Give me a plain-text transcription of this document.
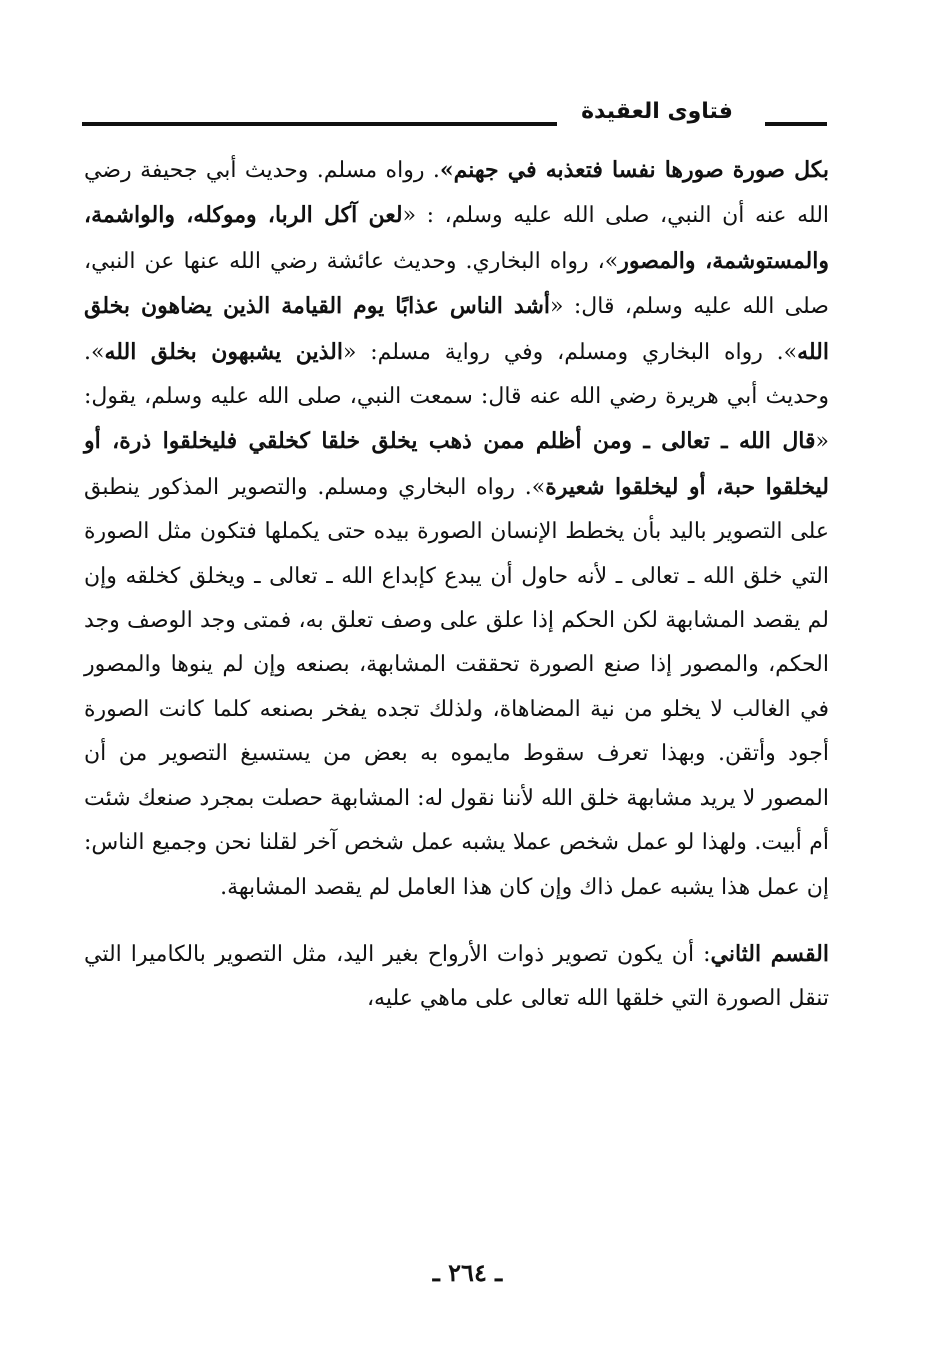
فتاوى العقيدة

بكل صورة صورها نفسا فتعذبه في جهنم». رواه مسلم. وحديث أبي جحيفة رضي الله عنه أن النبي، صلى الله عليه وسلم، : «لعن آكل الربا، وموكله، والواشمة، والمستوشمة، والمصور»، رواه البخاري. وحديث عائشة رضي الله عنها عن النبي، صلى الله عليه وسلم، قال: «أشد الناس عذابًا يوم القيامة الذين يضاهون بخلق الله». رواه البخاري ومسلم، وفي رواية مسلم: «الذين يشبهون بخلق الله». وحديث أبي هريرة رضي الله عنه قال: سمعت النبي، صلى الله عليه وسلم، يقول: «قال الله ـ تعالى ـ ومن أظلم ممن ذهب يخلق خلقا كخلقي فليخلقوا ذرة، أو ليخلقوا حبة، أو ليخلقوا شعيرة». رواه البخاري ومسلم. والتصوير المذكور ينطبق على التصوير باليد بأن يخطط الإنسان الصورة بيده حتى يكملها فتكون مثل الصورة التي خلق الله ـ تعالى ـ لأنه حاول أن يبدع كإبداع الله ـ تعالى ـ ويخلق كخلقه وإن لم يقصد المشابهة لكن الحكم إذا علق على وصف تعلق به، فمتى وجد الوصف وجد الحكم، والمصور إذا صنع الصورة تحققت المشابهة، بصنعه وإن لم ينوها والمصور في الغالب لا يخلو من نية المضاهاة، ولذلك تجده يفخر بصنعه كلما كانت الصورة أجود وأتقن. وبهذا تعرف سقوط مايموه به بعض من يستسيغ التصوير من أن المصور لا يريد مشابهة خلق الله لأننا نقول له: المشابهة حصلت بمجرد صنعك شئت أم أبيت. ولهذا لو عمل شخص عملا يشبه عمل شخص آخر لقلنا نحن وجميع الناس: إن عمل هذا يشبه عمل ذاك وإن كان هذا العامل لم يقصد المشابهة.

القسم الثاني: أن يكون تصوير ذوات الأرواح بغير اليد، مثل التصوير بالكاميرا التي تنقل الصورة التي خلقها الله تعالى على ماهي عليه،

ـ ٢٦٤ ـ
